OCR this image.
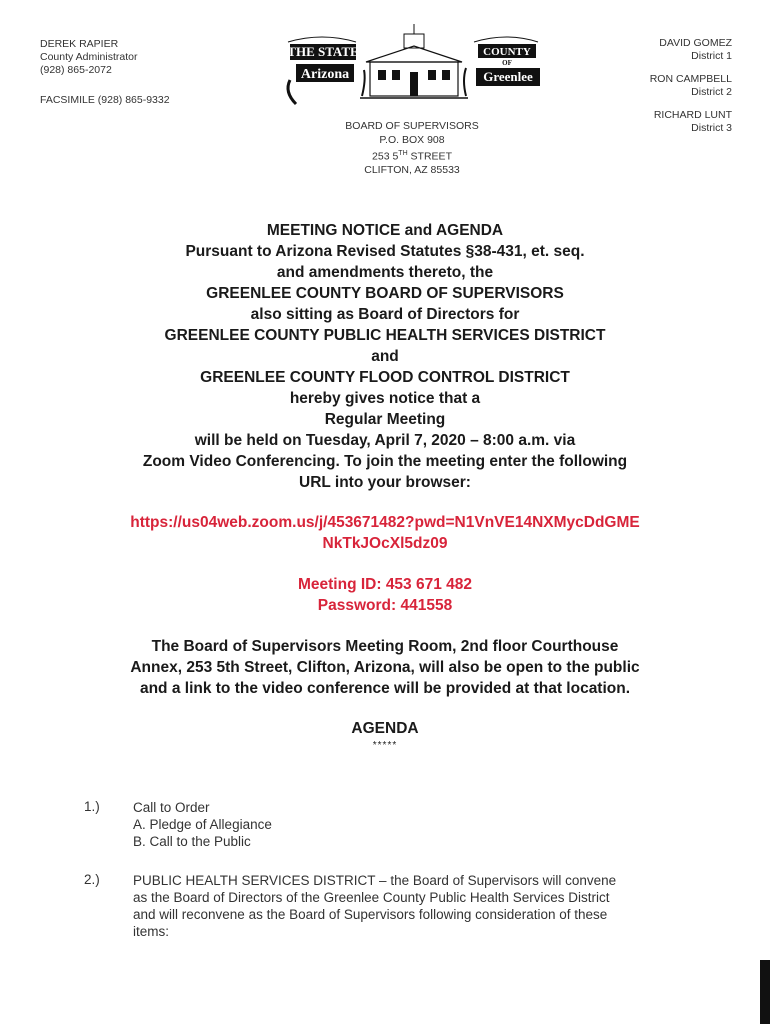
DEREK RAPIER
County Administrator
(928) 865-2072
FACSIMILE (928) 865-9332
THE STATE
Arizona
COUNTY
OF
Greenlee
BOARD OF SUPERVISORS
P.O. BOX 908
253 5TH STREET
CLIFTON, AZ 85533
DAVID GOMEZ
District 1
RON CAMPBELL
District 2
RICHARD LUNT
District 3
MEETING NOTICE and AGENDA
Pursuant to Arizona Revised Statutes §38-431, et. seq.
and amendments thereto, the
GREENLEE COUNTY BOARD OF SUPERVISORS
also sitting as Board of Directors for
GREENLEE COUNTY PUBLIC HEALTH SERVICES DISTRICT
and
GREENLEE COUNTY FLOOD CONTROL DISTRICT
hereby gives notice that a
Regular Meeting
will be held on Tuesday, April 7, 2020 – 8:00 a.m. via
Zoom Video Conferencing. To join the meeting enter the following
URL into your browser:
https://us04web.zoom.us/j/453671482?pwd=N1VnVE14NXMycDdGME
NkTkJOcXl5dz09
Meeting ID: 453 671 482
Password: 441558
The Board of Supervisors Meeting Room, 2nd floor Courthouse
Annex, 253 5th Street, Clifton, Arizona, will also be open to the public
and a link to the video conference will be provided at that location.
AGENDA
*****
1.) Call to Order
A. Pledge of Allegiance
B. Call to the Public
2.) PUBLIC HEALTH SERVICES DISTRICT – the Board of Supervisors will convene
as the Board of Directors of the Greenlee County Public Health Services District
and will reconvene as the Board of Supervisors following consideration of these
items:
